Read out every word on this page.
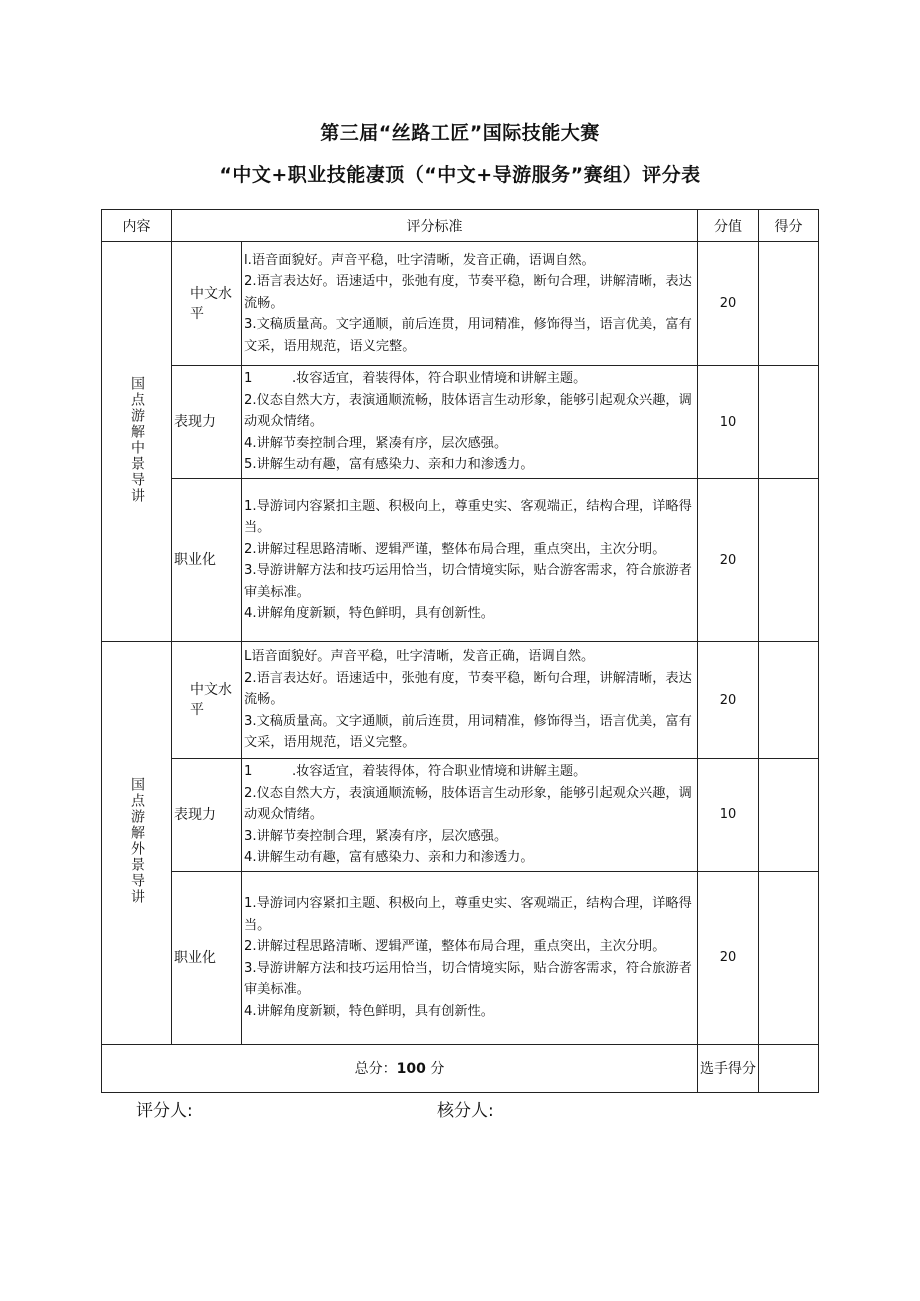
第三届“丝路工匠”国际技能大赛
“中文+职业技能凄顶（“中文+导游服务”赛组）评分表
内容	评分标准		分值	得分
国点游解中景导讲	中文水平	l.语音面貌好。声音平稳，吐字清晰，发音正确，语调自然。
2.语言表达好。语速适中，张弛有度，节奏平稳，断句合理，讲解清晰，表达流畅。
3.文稿质量高。文字通顺，前后连贯，用词精准，修饰得当，语言优美，富有文采，语用规范，语义完整。	20	
	表现力	1　　　.妆容适宜，着装得体，符合职业情境和讲解主题。
2.仪态自然大方，表演通顺流畅，肢体语言生动形象，能够引起观众兴趣，调动观众情绪。
4.讲解节奏控制合理，紧凑有序，层次感强。
5.讲解生动有趣，富有感染力、亲和力和渗透力。	10	
	职业化	1.导游词内容紧扣主题、积极向上，尊重史实、客观端正，结构合理，详略得当。
2.讲解过程思路清晰、逻辑严谨，整体布局合理，重点突出，主次分明。
3.导游讲解方法和技巧运用恰当，切合情境实际，贴合游客需求，符合旅游者审美标准。
4.讲解角度新颖，特色鲜明，具有创新性。	20	
国点游解外景导讲	中文水平	L语音面貌好。声音平稳，吐字清晰，发音正确，语调自然。
2.语言表达好。语速适中，张弛有度，节奏平稳，断句合理，讲解清晰，表达流畅。
3.文稿质量高。文字通顺，前后连贯，用词精准，修饰得当，语言优美，富有文采，语用规范，语义完整。	20	
	表现力	1　　　.妆容适宜，着装得体，符合职业情境和讲解主题。
2.仪态自然大方，表演通顺流畅，肢体语言生动形象，能够引起观众兴趣，调动观众情绪。
3.讲解节奏控制合理，紧凑有序，层次感强。
4.讲解生动有趣，富有感染力、亲和力和渗透力。	10	
	职业化	1.导游词内容紧扣主题、积极向上，尊重史实、客观端正，结构合理，详略得当。
2.讲解过程思路清晰、逻辑严谨，整体布局合理，重点突出，主次分明。
3.导游讲解方法和技巧运用恰当，切合情境实际，贴合游客需求，符合旅游者审美标准。
4.讲解角度新颖，特色鲜明，具有创新性。	20	
总分：100 分			选手得分	
评分人:	核分人:
